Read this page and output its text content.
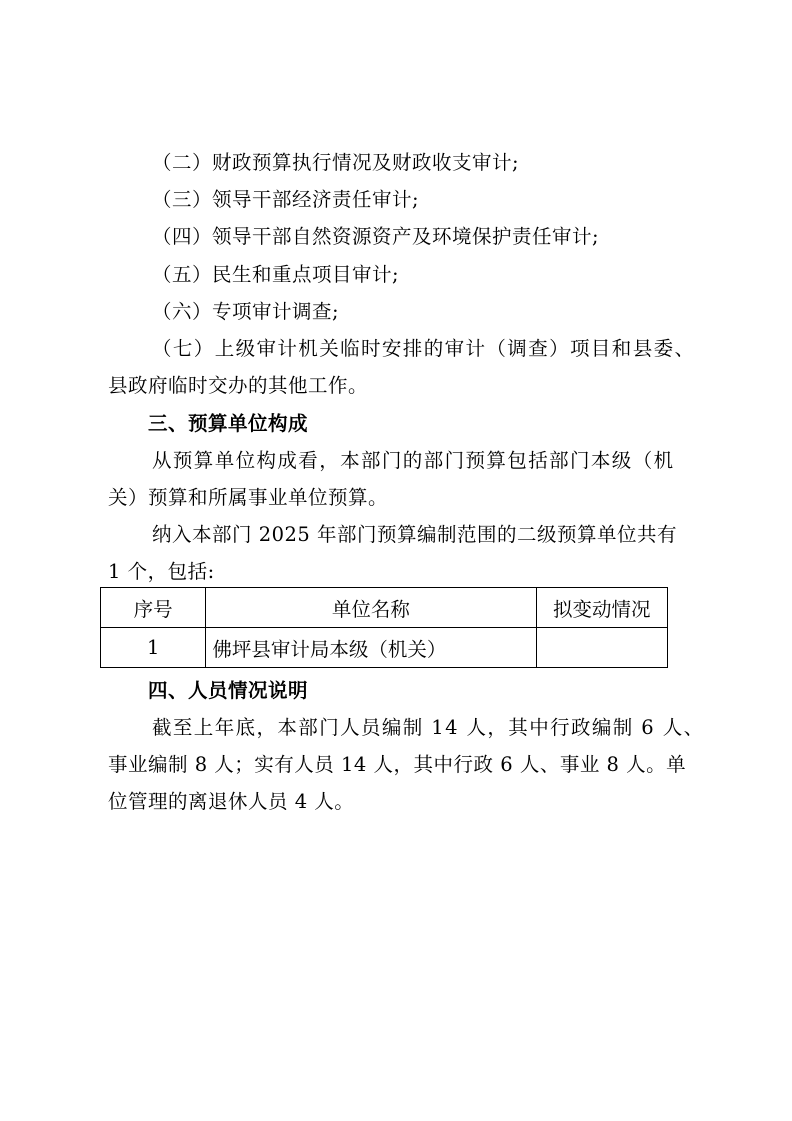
（二）财政预算执行情况及财政收支审计;
（三）领导干部经济责任审计;
（四）领导干部自然资源资产及环境保护责任审计;
（五）民生和重点项目审计;
（六）专项审计调查;
（七）上级审计机关临时安排的审计（调查）项目和县委、
县政府临时交办的其他工作。
三、预算单位构成
从预算单位构成看，本部门的部门预算包括部门本级（机
关）预算和所属事业单位预算。
纳入本部门 2025 年部门预算编制范围的二级预算单位共有
1 个，包括:
序号	单位名称	拟变动情况
1	佛坪县审计局本级（机关）	
四、人员情况说明
截至上年底，本部门人员编制 14 人，其中行政编制 6 人、
事业编制 8 人；实有人员 14 人，其中行政 6 人、事业 8 人。单
位管理的离退休人员 4 人。
